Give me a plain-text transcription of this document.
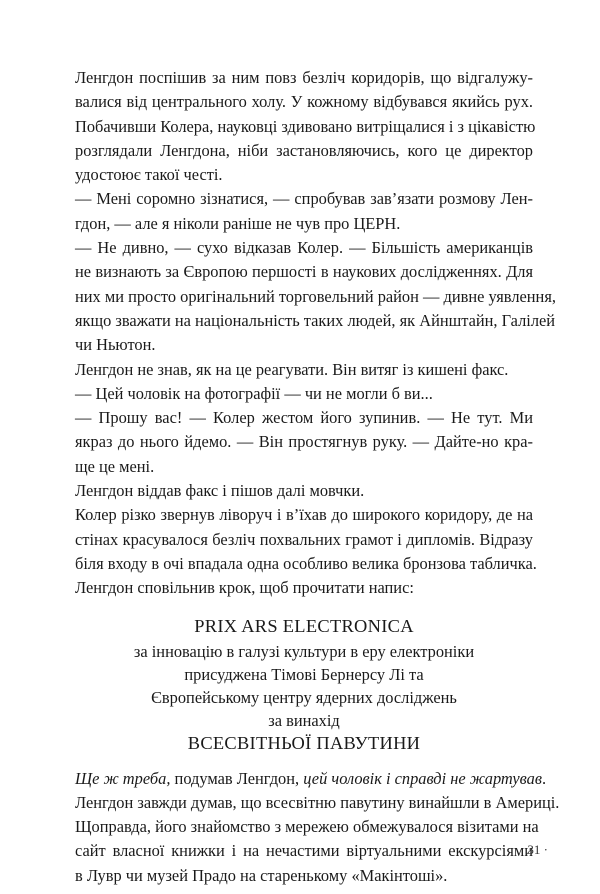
Ленгдон поспішив за ним повз безліч коридорів, що відгалужу-
валися від центрального холу. У кожному відбувався якийсь рух.
Побачивши Колера, науковці здивовано витріщалися і з цікавістю
розглядали Ленгдона, ніби застановляючись, кого це директор
удостоює такої честі.

— Мені соромно зізнатися, — спробував зав’язати розмову Лен-
гдон, — але я ніколи раніше не чув про ЦЕРН.

— Не дивно, — сухо відказав Колер. — Більшість американців
не визнають за Європою першості в наукових дослідженнях. Для
них ми просто оригінальний торговельний район — дивне уявлення,
якщо зважати на національність таких людей, як Айнштайн, Галілей
чи Ньютон.

Ленгдон не знав, як на це реагувати. Він витяг із кишені факс.

— Цей чоловік на фотографії — чи не могли б ви...

— Прошу вас! — Колер жестом його зупинив. — Не тут. Ми
якраз до нього йдемо. — Він простягнув руку. — Дайте-но кра-
ще це мені.

Ленгдон віддав факс і пішов далі мовчки.

Колер різко звернув ліворуч і в’їхав до широкого коридору, де на
стінах красувалося безліч похвальних грамот і дипломів. Відразу
біля входу в очі впадала одна особливо велика бронзова табличка.
Ленгдон сповільнив крок, щоб прочитати напис:

PRIX ARS ELECTRONICA
за інновацію в галузі культури в еру електроніки
присуджена Тімові Бернерсу Лі та
Європейському центру ядерних досліджень
за винахід
ВСЕСВІТНЬОЇ ПАВУТИНИ

Ще ж треба, подумав Ленгдон, цей чоловік і справді не жартував.
Ленгдон завжди думав, що всесвітню павутину винайшли в Америці.
Щоправда, його знайомство з мережею обмежувалося візитами на
сайт власної книжки і на нечастими віртуальними екскурсіями
в Лувр чи музей Прадо на старенькому «Макінтоші».

31 ·
